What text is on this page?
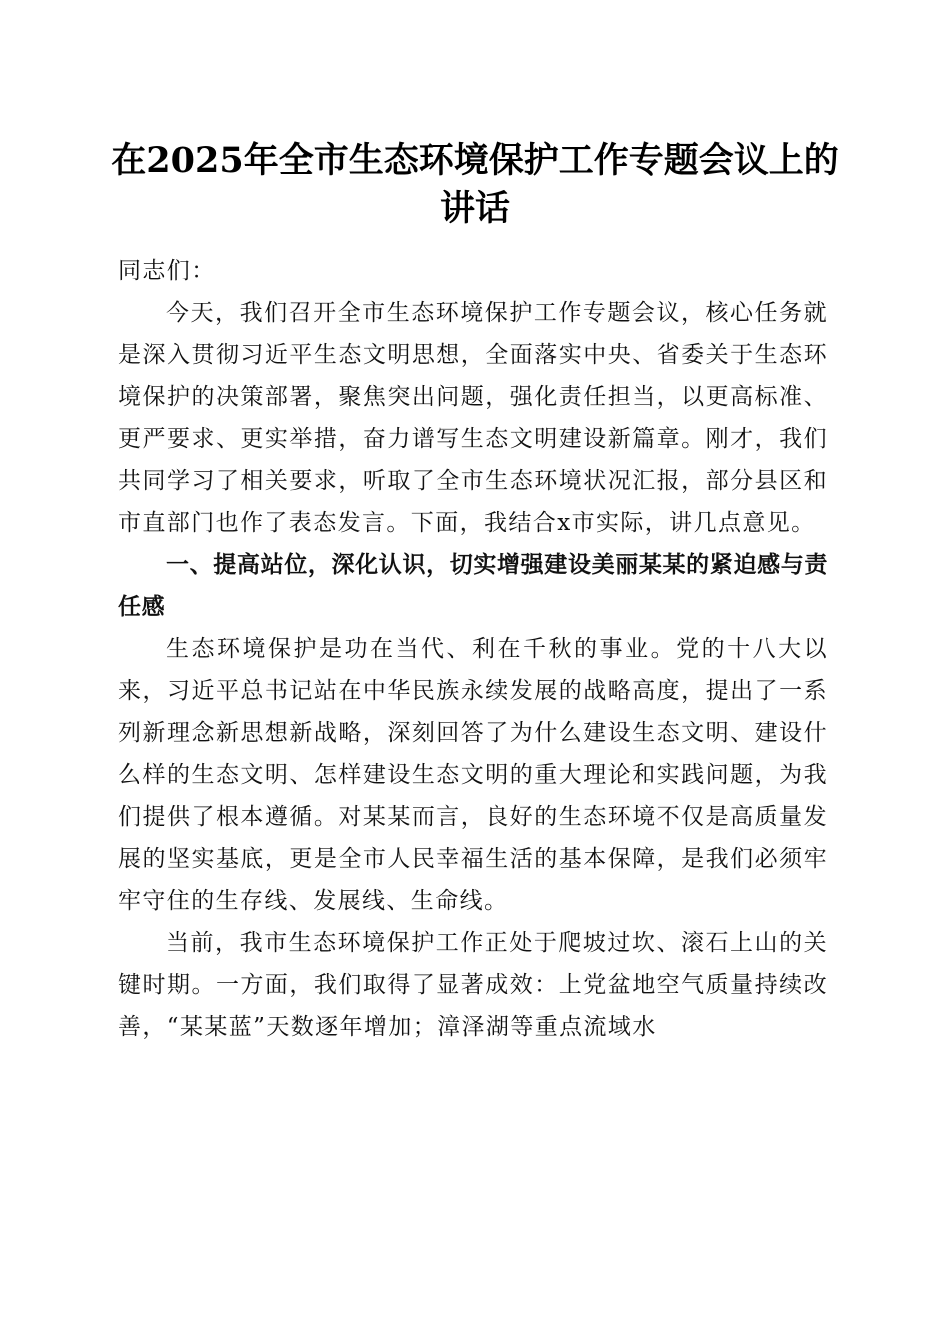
在2025年全市生态环境保护工作专题会议上的讲话

同志们：

今天，我们召开全市生态环境保护工作专题会议，核心任务就是深入贯彻习近平生态文明思想，全面落实中央、省委关于生态环境保护的决策部署，聚焦突出问题，强化责任担当，以更高标准、更严要求、更实举措，奋力谱写生态文明建设新篇章。刚才，我们共同学习了相关要求，听取了全市生态环境状况汇报，部分县区和市直部门也作了表态发言。下面，我结合x市实际，讲几点意见。

一、提高站位，深化认识，切实增强建设美丽某某的紧迫感与责任感

生态环境保护是功在当代、利在千秋的事业。党的十八大以来，习近平总书记站在中华民族永续发展的战略高度，提出了一系列新理念新思想新战略，深刻回答了为什么建设生态文明、建设什么样的生态文明、怎样建设生态文明的重大理论和实践问题，为我们提供了根本遵循。对某某而言，良好的生态环境不仅是高质量发展的坚实基底，更是全市人民幸福生活的基本保障，是我们必须牢牢守住的生存线、发展线、生命线。

当前，我市生态环境保护工作正处于爬坡过坎、滚石上山的关键时期。一方面，我们取得了显著成效：上党盆地空气质量持续改善，“某某蓝”天数逐年增加；漳泽湖等重点流域水
